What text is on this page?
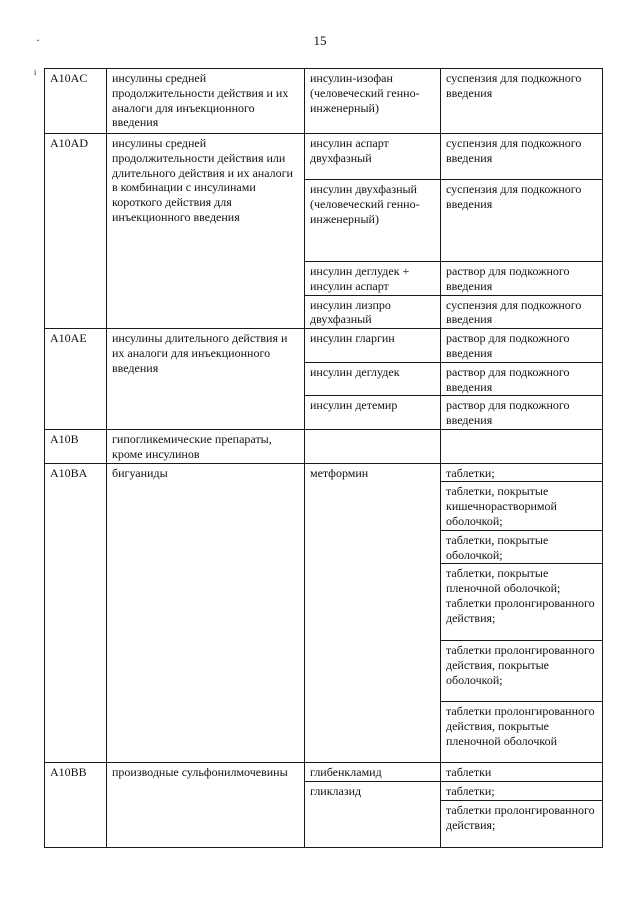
15
·
i	A10AC	инсулины средней продолжительности действия и их аналоги для инъекционного введения	инсулин-изофан (человеческий генно-инженерный)	суспензия для подкожного введения
A10AD	инсулины средней продолжительности действия или длительного действия и их аналоги в комбинации с инсулинами короткого действия для инъекционного введения	инсулин аспарт двухфазный	суспензия для подкожного введения
		инсулин двухфазный (человеческий генно-инженерный)	суспензия для подкожного введения
		инсулин деглудек + инсулин аспарт	раствор для подкожного введения
		инсулин лизпро двухфазный	суспензия для подкожного введения
A10AE	инсулины длительного действия и их аналоги для инъекционного введения	инсулин гларгин	раствор для подкожного введения
		инсулин деглудек	раствор для подкожного введения
		инсулин детемир	раствор для подкожного введения
A10B	гипогликемические препараты, кроме инсулинов		
A10BA	бигуаниды	метформин	таблетки;
			таблетки, покрытые кишечнорастворимой оболочкой;
			таблетки, покрытые оболочкой;
			таблетки, покрытые пленочной оболочкой; таблетки пролонгированного действия;
			таблетки пролонгированного действия, покрытые оболочкой;
			таблетки пролонгированного действия, покрытые пленочной оболочкой
A10BB	производные сульфонилмочевины	глибенкламид	таблетки
		гликлазид	таблетки;
			таблетки пролонгированного действия;
